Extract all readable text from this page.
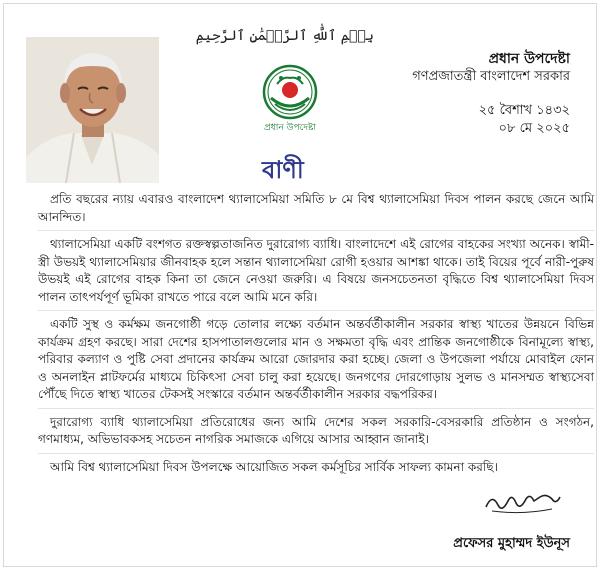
بِسۡمِ ٱللَّٰهِ ٱلرَّحۡمَٰنِ ٱلرَّحِيمِ
প্রধান উপদেষ্টা
প্রধান উপদেষ্টা
গণপ্রজাতন্ত্রী বাংলাদেশ সরকার
২৫ বৈশাখ ১৪৩২
০৮ মে ২০২৫
বাণী

প্রতি বছরের ন্যায় এবারও বাংলাদেশ থ্যালাসেমিয়া সমিতি ৮ মে বিশ্ব থ্যালাসেমিয়া দিবস পালন করছে জেনে আমি আনন্দিত।

থ্যালাসেমিয়া একটি বংশগত রক্তস্বল্পতাজনিত দুরারোগ্য ব্যাধি। বাংলাদেশে এই রোগের বাহকের সংখ্যা অনেক। স্বামী-স্ত্রী উভয়ই থ্যালাসেমিয়ার জীনবাহক হলে সন্তান থ্যালাসেমিয়া রোগী হওয়ার আশঙ্কা থাকে। তাই বিয়ের পূর্বে নারী-পুরুষ উভয়ই এই রোগের বাহক কিনা তা জেনে নেওয়া জরুরি। এ বিষয়ে জনসচেতনতা বৃদ্ধিতে বিশ্ব থ্যালাসেমিয়া দিবস পালন তাৎপর্যপূর্ণ ভূমিকা রাখতে পারে বলে আমি মনে করি।

একটি সুস্থ ও কর্মক্ষম জনগোষ্ঠী গড়ে তোলার লক্ষ্যে বর্তমান অন্তর্বর্তীকালীন সরকার স্বাস্থ্য খাতের উন্নয়নে বিভিন্ন কার্যক্রম গ্রহণ করছে। সারা দেশের হাসপাতালগুলোর মান ও সক্ষমতা বৃদ্ধি এবং প্রান্তিক জনগোষ্ঠীকে বিনামূল্যে স্বাস্থ্য, পরিবার কল্যাণ ও পুষ্টি সেবা প্রদানের কার্যক্রম আরো জোরদার করা হচ্ছে। জেলা ও উপজেলা পর্যায়ে মোবাইল ফোন ও অনলাইন প্লাটফর্মের মাধ্যমে চিকিৎসা সেবা চালু করা হয়েছে। জনগণের দোরগোড়ায় সুলভ ও মানসম্মত স্বাস্থ্যসেবা পৌঁছে দিতে স্বাস্থ্য খাতের টেকসই সংস্কারে বর্তমান অন্তর্বর্তীকালীন সরকার বদ্ধপরিকর।

দুরারোগ্য ব্যাধি থ্যালাসেমিয়া প্রতিরোধের জন্য আমি দেশের সকল সরকারি-বেসরকারি প্রতিষ্ঠান ও সংগঠন, গণমাধ্যম, অভিভাবকসহ সচেতন নাগরিক সমাজকে এগিয়ে আসার আহ্বান জানাই।

আমি বিশ্ব থ্যালাসেমিয়া দিবস উপলক্ষে আয়োজিত সকল কর্মসূচির সার্বিক সাফল্য কামনা করছি।

প্রফেসর মুহাম্মদ ইউনূস
